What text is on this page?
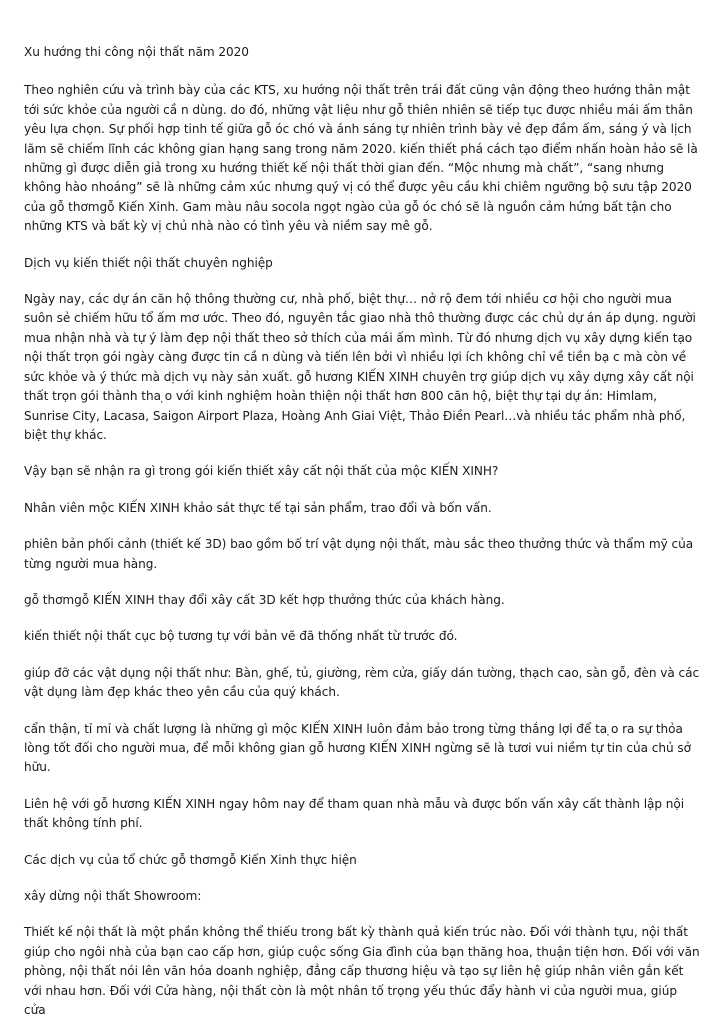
Xu hướng thi công nội thất năm 2020

Theo nghiên cứu và trình bày của các KTS, xu hướng nội thất trên trái đất cũng vận động theo hướng thân mật tới sức khỏe của người cầ n dùng. do đó, những vật liệu như gỗ thiên nhiên sẽ tiếp tục được nhiều mái ấm thân yêu lựa chọn. Sự phối hợp tinh tế giữa gỗ óc chó và ánh sáng tự nhiên trình bày vẻ đẹp đầm ấm, sáng ý và lịch lãm sẽ chiếm lĩnh các không gian hạng sang trong năm 2020. kiến thiết phá cách tạo điểm nhấn hoàn hảo sẽ là những gì được diễn giả trong xu hướng thiết kế nội thất thời gian đến. “Mộc nhưng mà chất”, “sang nhưng không hào nhoáng” sẽ là những cảm xúc nhưng quý vị có thể được yêu cầu khi chiêm ngưỡng bộ sưu tập 2020 của gỗ thơmgỗ Kiến Xinh. Gam màu nâu socola ngọt ngào của gỗ óc chó sẽ là nguồn cảm hứng bất tận cho những KTS và bất kỳ vị chủ nhà nào có tình yêu và niềm say mê gỗ.

Dịch vụ kiến thiết nội thất chuyên nghiệp

Ngày nay, các dự án căn hộ thông thường cư, nhà phố, biệt thự… nở rộ đem tới nhiều cơ hội cho người mua suôn sẻ chiếm hữu tổ ấm mơ ước. Theo đó, nguyên tắc giao nhà thô thường được các chủ dự án áp dụng. người mua nhận nhà và tự ý làm đẹp nội thất theo sở thích của mái ấm mình. Từ đó nhưng dịch vụ xây dựng kiến tạo nội thất trọn gói ngày càng được tin cầ n dùng và tiến lên bởi vì nhiều lợi ích không chỉ về tiền bạ c mà còn về sức khỏe và ý thức mà dịch vụ này sản xuất. gỗ hương KIẾN XINH chuyên trợ giúp dịch vụ xây dựng xây cất nội thất trọn gói thành tha ̣o với kinh nghiệm hoàn thiện nội thất hơn 800 căn hộ, biệt thự tại dự án: Himlam, Sunrise City, Lacasa, Saigon Airport Plaza, Hoàng Anh Giai Việt, Thảo Điền Pearl…và nhiều tác phẩm nhà phố, biệt thự khác.

Vậy bạn sẽ nhận ra gì trong gói kiến thiết xây cất nội thất của mộc KIẾN XINH?

Nhân viên mộc KIẾN XINH khảo sát thực tế tại sản phẩm, trao đổi và bốn vấn.

phiên bản phối cảnh (thiết kế 3D) bao gồm bố trí vật dụng nội thất, màu sắc theo thưởng thức và thẩm mỹ của từng người mua hàng.

gỗ thơmgỗ KIẾN XINH thay đổi xây cất 3D kết hợp thưởng thức của khách hàng.

kiến thiết nội thất cục bộ tương tự với bản vẽ đã thống nhất từ trước đó.

giúp đỡ các vật dụng nội thất như: Bàn, ghế, tủ, giường, rèm cửa, giấy dán tường, thạch cao, sàn gỗ, đèn và các vật dụng làm đẹp khác theo yên cầu của quý khách.

cẩn thận, tỉ mỉ và chất lượng là những gì mộc KIẾN XINH luôn đảm bảo trong từng thắng lợi để ta ̣o ra sự thỏa lòng tốt đối cho người mua, để mỗi không gian gỗ hương KIẾN XINH ngừng sẽ là tươi vui niềm tự tin của chủ sở hữu.

Liên hệ với gỗ hương KIẾN XINH ngay hôm nay để tham quan nhà mẫu và được bốn vấn xây cất thành lập nội thất không tính phí.

Các dịch vụ của tổ chức gỗ thơmgỗ Kiến Xinh thực hiện

xây dừng nội thất Showroom:

Thiết kế nội thất là một phần không thể thiếu trong bất kỳ thành quả kiến trúc nào. Đối với thành tựu, nội thất giúp cho ngôi nhà của bạn cao cấp hơn, giúp cuộc sống Gia đình của bạn thăng hoa, thuận tiện hơn. Đối với văn phòng, nội thất nói lên văn hóa doanh nghiệp, đẳng cấp thương hiệu và tạo sự liên hệ giúp nhân viên gắn kết với nhau hơn. Đối với Cửa hàng, nội thất còn là một nhân tố trọng yếu thúc đẩy hành vi của người mua, giúp cửa
